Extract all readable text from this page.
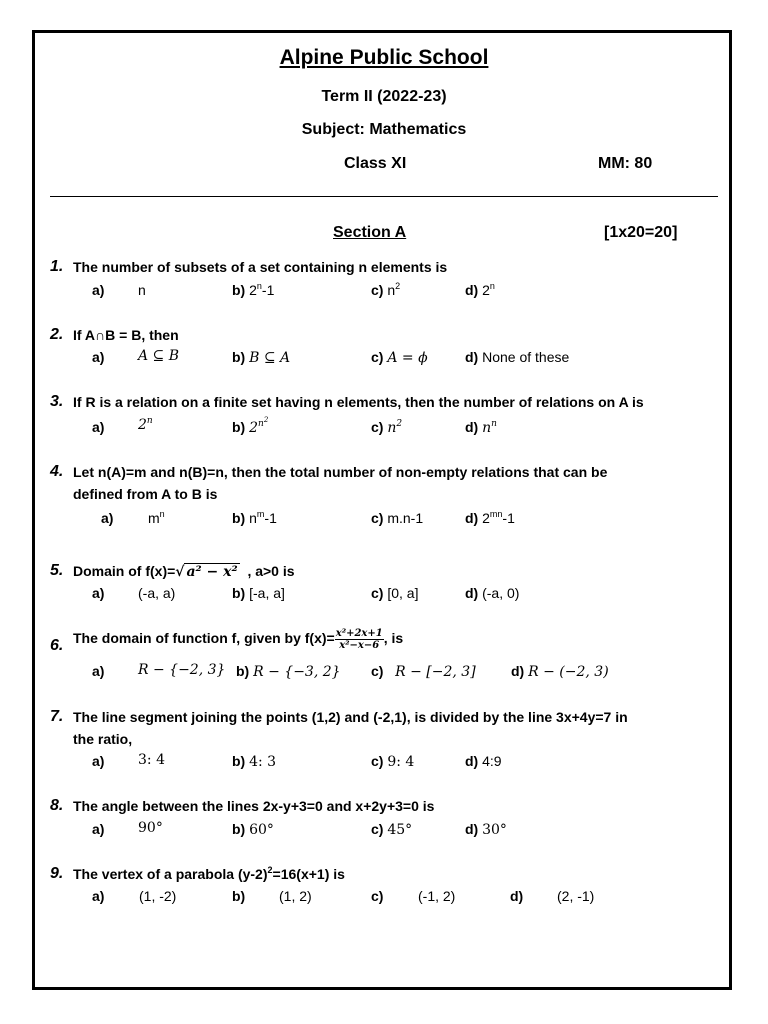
Alpine Public School
Term II (2022-23)
Subject: Mathematics
Class XI	MM: 80
Section A	[1x20=20]
1. The number of subsets of a set containing n elements is
a) n	b) 2$^n$-1	c) $n^2$	d) 2$^n$
2. If A∩B = B, then
a) A ⊆ B	b) B ⊆ A	c) A = ϕ	d) None of these
3. If R is a relation on a finite set having n elements, then the number of relations on A is
a) 2$^n$	b) $2^{n^2}$	c) $n^2$	d) $n^n$
4. Let n(A)=m and n(B)=n, then the total number of non-empty relations that can be
defined from A to B is
a) $m^n$	b) $n^m-1$	c) m.n-1	d) $2^{mn}-1$
5. Domain of f(x)=√ a² − x² , a>0 is
a) (-a, a)	b) [-a, a]	c) [0, a]	d) (-a, 0)
6. The domain of function f, given by $f(x)= \frac{\text{x²+2x+1}}{\text{x²−x−6}}$ , is
a) R − {−2, 3} b) R − {−3, 2} c) R − [−2, 3]	d) R − (−2, 3)
7. The line segment joining the points (1,2) and (-2,1), is divided by the line 3x+4y=7 in
the ratio,
a) 3: 4	b) 4: 3	c) 9: 4	d) 4:9
8. The angle between the lines 2x-y+3=0 and x+2y+3=0 is
a) 90°	b) 60°	c) 45°	d) 30°
9. The vertex of a parabola $(y-2)^2=16(x+1)$ is
a) (1, -2)	b) (1, 2)	c) (-1, 2)	d) (2, -1)
